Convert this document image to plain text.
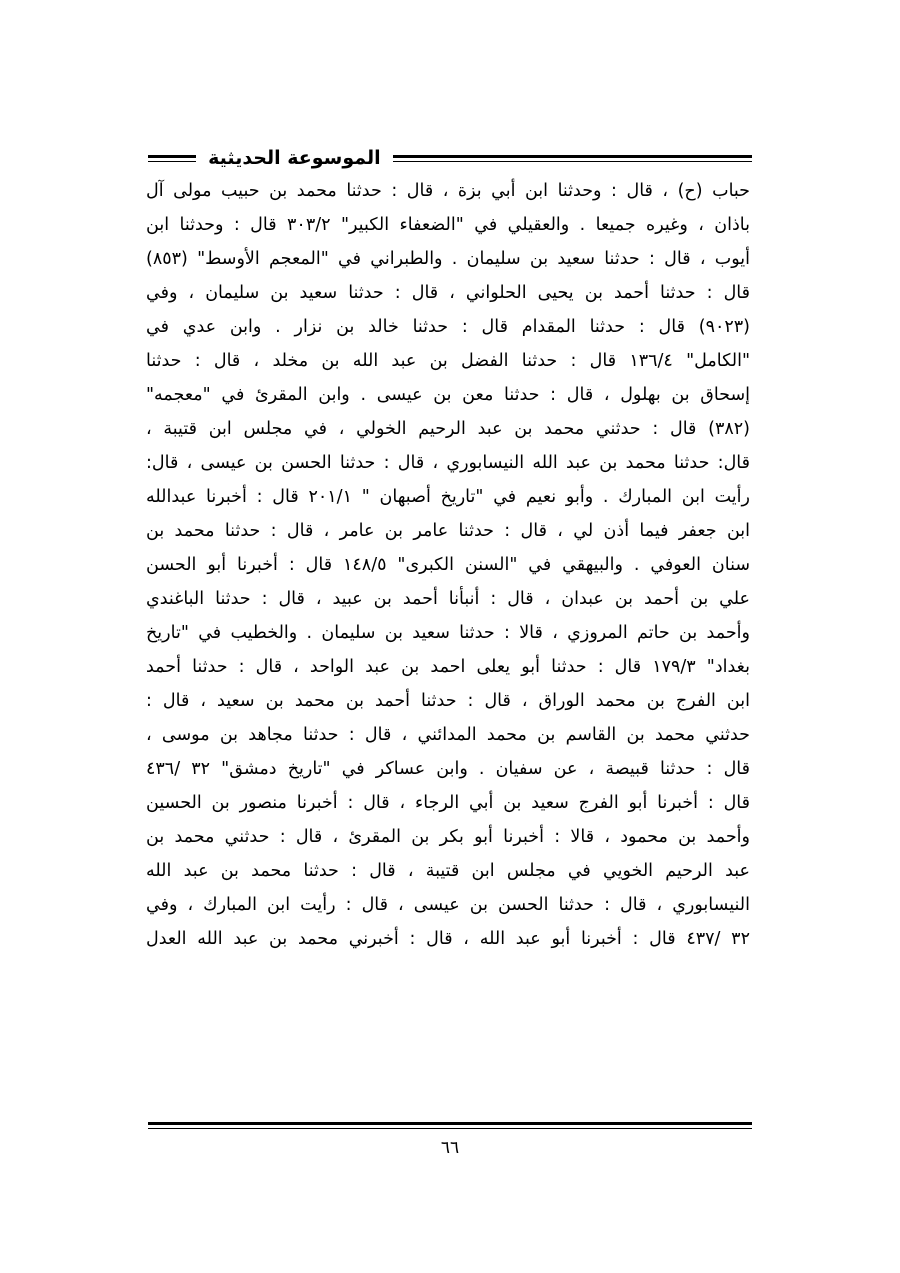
الموسوعة الحديثية
حباب (ح) ، قال : وحدثنا ابن أبي بزة ، قال : حدثنا محمد بن حبيب مولى آل
باذان ، وغيره جميعا . والعقيلي في "الضعفاء الكبير" ٣٠٣/٢ قال : وحدثنا ابن
أيوب ، قال : حدثنا سعيد بن سليمان . والطبراني في "المعجم الأوسط" (٨٥٣)
قال : حدثنا أحمد بن يحيى الحلواني ، قال : حدثنا سعيد بن سليمان ، وفي
(٩٠٢٣) قال : حدثنا المقدام قال : حدثنا خالد بن نزار . وابن عدي في
"الكامل" ١٣٦/٤ قال : حدثنا الفضل بن عبد الله بن مخلد ، قال : حدثنا
إسحاق بن بهلول ، قال : حدثنا معن بن عيسى . وابن المقرئ في "معجمه"
(٣٨٢) قال : حدثني محمد بن عبد الرحيم الخولي ، في مجلس ابن قتيبة ،
قال: حدثنا محمد بن عبد الله النيسابوري ، قال : حدثنا الحسن بن عيسى ، قال:
رأيت ابن المبارك . وأبو نعيم في "تاريخ أصبهان " ٢٠١/١ قال : أخبرنا عبدالله
ابن جعفر فيما أذن لي ، قال : حدثنا عامر بن عامر ، قال : حدثنا محمد بن
سنان العوفي . والبيهقي في "السنن الكبرى" ١٤٨/٥ قال : أخبرنا أبو الحسن
علي بن أحمد بن عبدان ، قال : أنبأنا أحمد بن عبيد ، قال : حدثنا الباغندي
وأحمد بن حاتم المروزي ، قالا : حدثنا سعيد بن سليمان . والخطيب في "تاريخ
بغداد" ١٧٩/٣ قال : حدثنا أبو يعلى احمد بن عبد الواحد ، قال : حدثنا أحمد
ابن الفرج بن محمد الوراق ، قال : حدثنا أحمد بن محمد بن سعيد ، قال :
حدثني محمد بن القاسم بن محمد المدائني ، قال : حدثنا مجاهد بن موسى ،
قال : حدثنا قبيصة ، عن سفيان . وابن عساكر في "تاريخ دمشق" ٣٢ /٤٣٦
قال : أخبرنا أبو الفرج سعيد بن أبي الرجاء ، قال : أخبرنا منصور بن الحسين
وأحمد بن محمود ، قالا : أخبرنا أبو بكر بن المقرئ ، قال : حدثني محمد بن
عبد الرحيم الخويي في مجلس ابن قتيبة ، قال : حدثنا محمد بن عبد الله
النيسابوري ، قال : حدثنا الحسن بن عيسى ، قال : رأيت ابن المبارك ، وفي
٣٢ /٤٣٧ قال : أخبرنا أبو عبد الله ، قال : أخبرني محمد بن عبد الله العدل
٦٦
